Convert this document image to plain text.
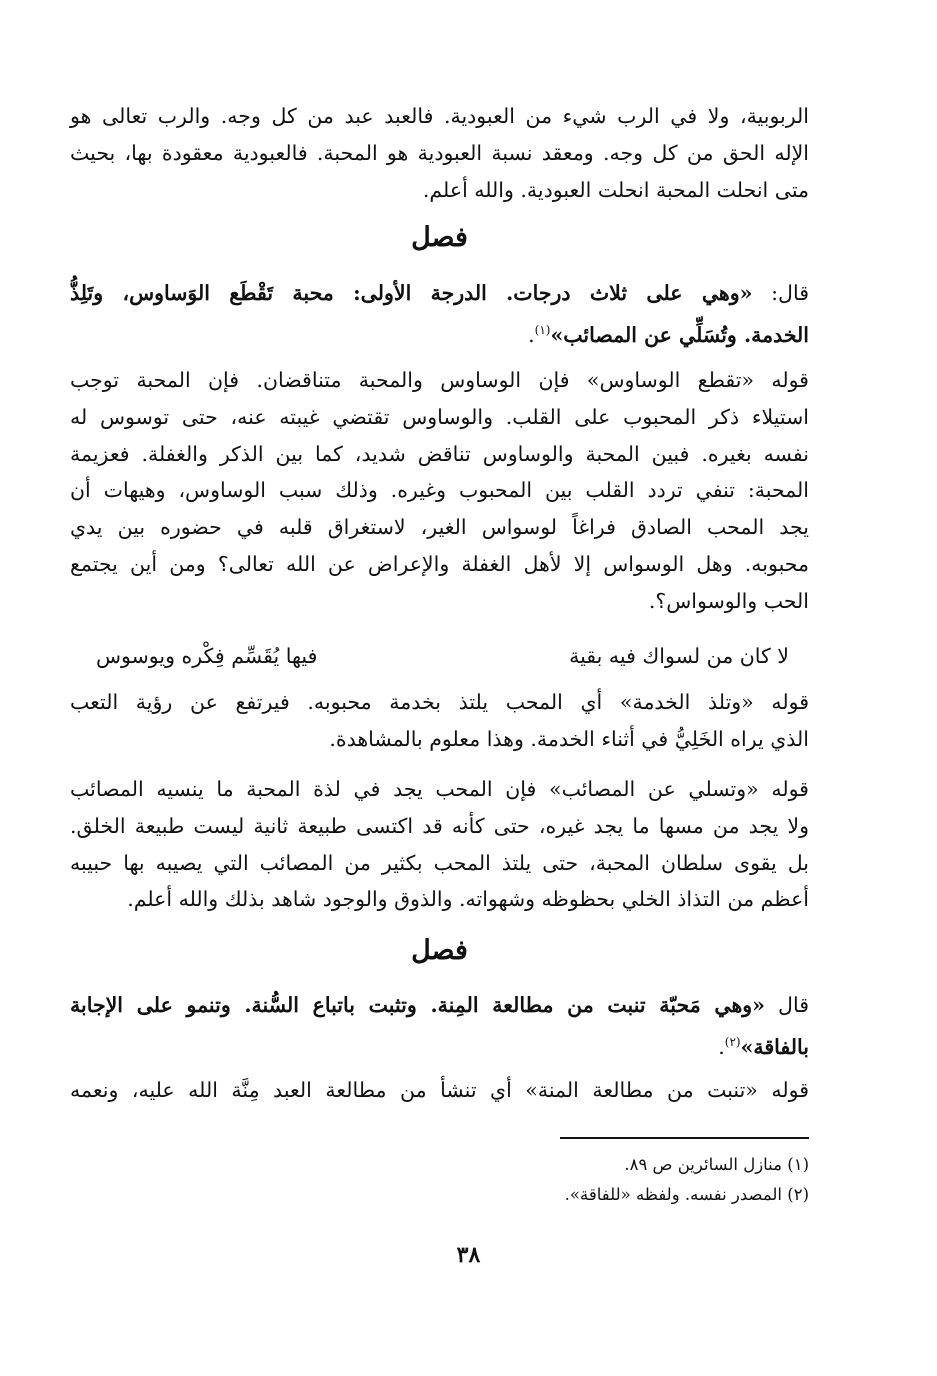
الربوبية، ولا في الرب شيء من العبودية. فالعبد عبد من كل وجه. والرب تعالى هو
الإله الحق من كل وجه. ومعقد نسبة العبودية هو المحبة. فالعبودية معقودة بها، بحيث
متى انحلت المحبة انحلت العبودية. والله أعلم.

فصل

قال: «وهي على ثلاث درجات. الدرجة الأولى: محبة تَقْطَع الوَساوس، وتَلِذُّ
الخدمة. وتُسَلِّي عن المصائب»$^{(١)}$.

قوله «تقطع الوساوس» فإن الوساوس والمحبة متناقضان. فإن المحبة توجب
استيلاء ذكر المحبوب على القلب. والوساوس تقتضي غيبته عنه، حتى توسوس له
نفسه بغيره. فبين المحبة والوساوس تناقض شديد، كما بين الذكر والغفلة. فعزيمة
المحبة: تنفي تردد القلب بين المحبوب وغيره. وذلك سبب الوساوس، وهيهات أن
يجد المحب الصادق فراغاً لوسواس الغير، لاستغراق قلبه في حضوره بين يدي
محبوبه. وهل الوسواس إلا لأهل الغفلة والإعراض عن الله تعالى؟ ومن أين يجتمع
الحب والوسواس؟.

لا كان من لسواك فيه بقية
فيها يُقَسِّم فِكْره ويوسوس

قوله «وتلذ الخدمة» أي المحب يلتذ بخدمة محبوبه. فيرتفع عن رؤية التعب
الذي يراه الخَلِيُّ في أثناء الخدمة. وهذا معلوم بالمشاهدة.

قوله «وتسلي عن المصائب» فإن المحب يجد في لذة المحبة ما ينسيه المصائب
ولا يجد من مسها ما يجد غيره، حتى كأنه قد اكتسى طبيعة ثانية ليست طبيعة الخلق.
بل يقوى سلطان المحبة، حتى يلتذ المحب بكثير من المصائب التي يصيبه بها حبيبه
أعظم من التذاذ الخلي بحظوظه وشهواته. والذوق والوجود شاهد بذلك والله أعلم.

فصل

قال «وهي مَحبّة تنبت من مطالعة المِنة. وتثبت باتباع السُّنة. وتنمو على الإجابة
بالفاقة»$^{(٢)}$.

قوله «تنبت من مطالعة المنة» أي تنشأ من مطالعة العبد مِنَّة الله عليه، ونعمه

(١) منازل السائرين ص ٨٩.
(٢) المصدر نفسه. ولفظه «للفاقة».

٣٨
